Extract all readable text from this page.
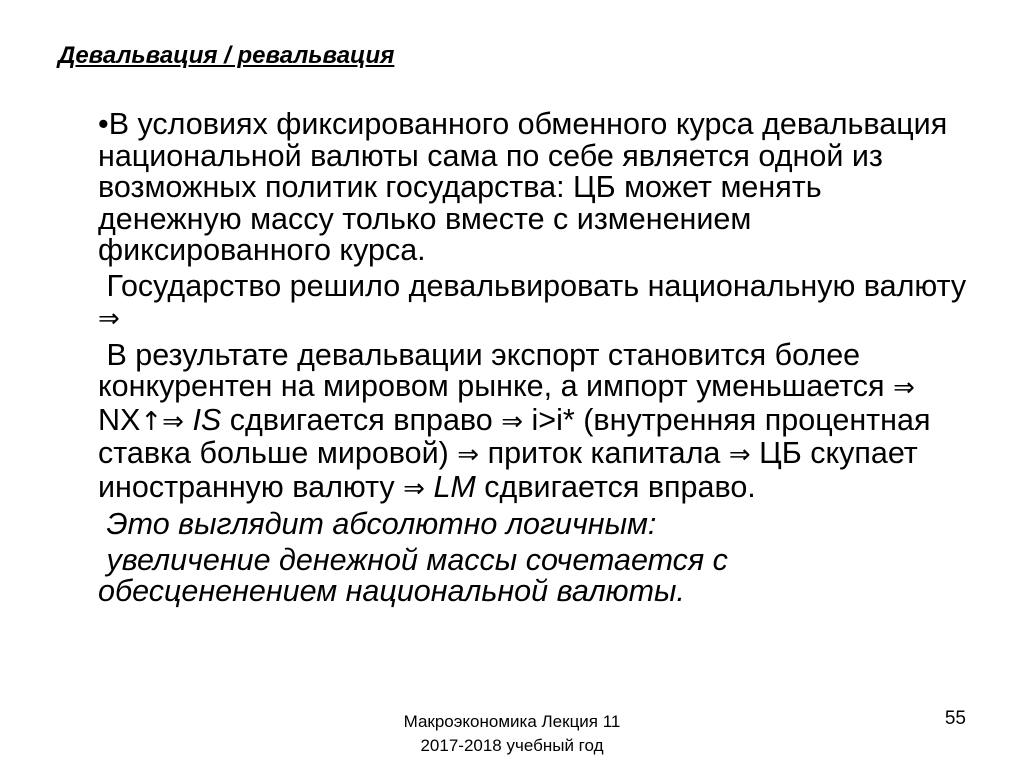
Девальвация / ревальвация

•В условиях фиксированного обменного курса девальвация национальной валюты сама по себе является одной из возможных политик государства: ЦБ может менять денежную массу только вместе с изменением фиксированного курса.

Государство решило девальвировать национальную валюту ⇒

В результате девальвации экспорт становится более конкурентен на мировом рынке, а импорт уменьшается ⇒ NX↑⇒ IS сдвигается вправо ⇒ i>i* (внутренняя процентная ставка больше мировой) ⇒ приток капитала ⇒ ЦБ скупает иностранную валюту ⇒ LM сдвигается вправо.

Это выглядит абсолютно логичным:

увеличение денежной массы сочетается с обесцененением национальной валюты.

Макроэкономика Лекция 11
2017-2018 учебный год
55
